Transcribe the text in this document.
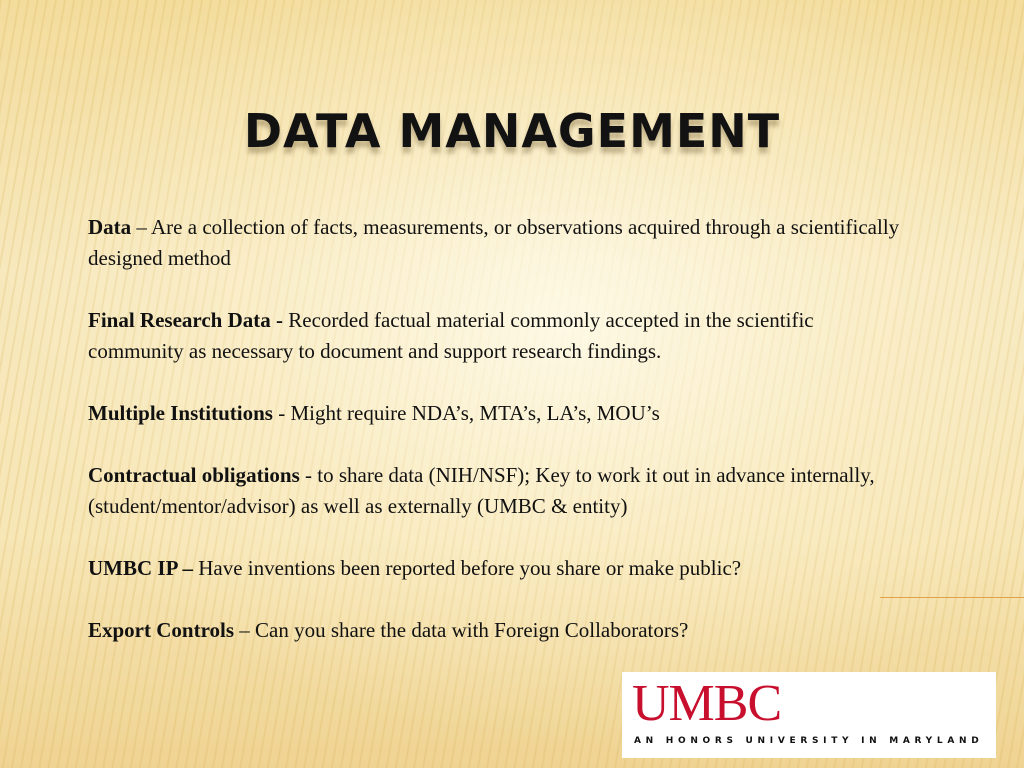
DATA MANAGEMENT

Data – Are a collection of facts, measurements, or observations acquired through a scientifically designed method

Final Research Data - Recorded factual material commonly accepted in the scientific community as necessary to document and support research findings.

Multiple Institutions - Might require NDA’s, MTA’s, LA’s, MOU’s

Contractual obligations - to share data (NIH/NSF); Key to work it out in advance internally, (student/mentor/advisor) as well as externally (UMBC & entity)

UMBC IP – Have inventions been reported before you share or make public?

Export Controls – Can you share the data with Foreign Collaborators?

UMBC
AN HONORS UNIVERSITY IN MARYLAND
